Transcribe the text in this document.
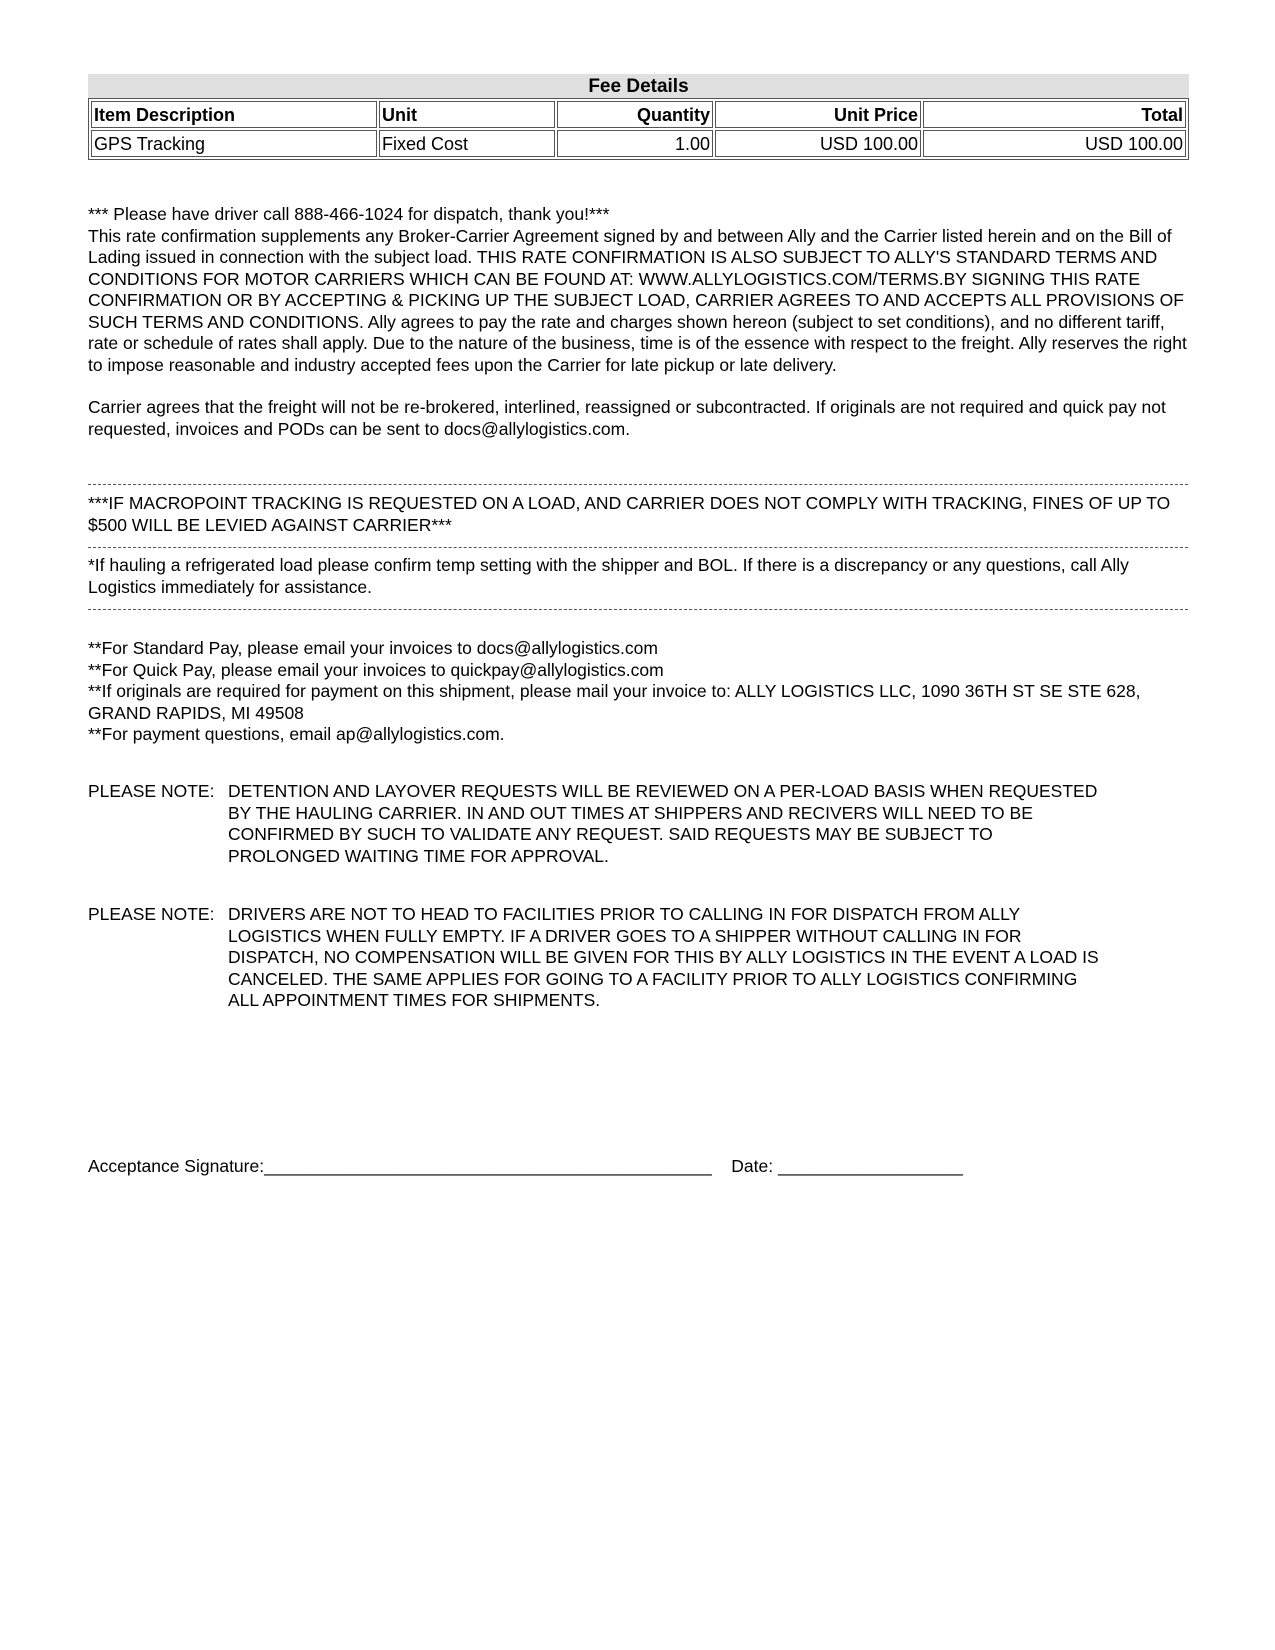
Fee Details
Item Description	Unit	Quantity	Unit Price	Total
GPS Tracking	Fixed Cost	1.00	USD 100.00	USD 100.00

*** Please have driver call 888-466-1024 for dispatch, thank you!***

This rate confirmation supplements any Broker-Carrier Agreement signed by and between Ally and the Carrier listed herein and on the Bill of Lading issued in connection with the subject load. THIS RATE CONFIRMATION IS ALSO SUBJECT TO ALLY'S STANDARD TERMS AND CONDITIONS FOR MOTOR CARRIERS WHICH CAN BE FOUND AT: WWW.ALLYLOGISTICS.COM/TERMS.BY SIGNING THIS RATE CONFIRMATION OR BY ACCEPTING & PICKING UP THE SUBJECT LOAD, CARRIER AGREES TO AND ACCEPTS ALL PROVISIONS OF SUCH TERMS AND CONDITIONS. Ally agrees to pay the rate and charges shown hereon (subject to set conditions), and no different tariff, rate or schedule of rates shall apply. Due to the nature of the business, time is of the essence with respect to the freight. Ally reserves the right to impose reasonable and industry accepted fees upon the Carrier for late pickup or late delivery.

Carrier agrees that the freight will not be re-brokered, interlined, reassigned or subcontracted. If originals are not required and quick pay not requested, invoices and PODs can be sent to docs@allylogistics.com.

***IF MACROPOINT TRACKING IS REQUESTED ON A LOAD, AND CARRIER DOES NOT COMPLY WITH TRACKING, FINES OF UP TO $500 WILL BE LEVIED AGAINST CARRIER***
*If hauling a refrigerated load please confirm temp setting with the shipper and BOL. If there is a discrepancy or any questions, call Ally Logistics immediately for assistance.

**For Standard Pay, please email your invoices to docs@allylogistics.com

**For Quick Pay, please email your invoices to quickpay@allylogistics.com

**If originals are required for payment on this shipment, please mail your invoice to: ALLY LOGISTICS LLC, 1090 36TH ST SE STE 628, GRAND RAPIDS, MI 49508

**For payment questions, email ap@allylogistics.com.

PLEASE NOTE: DETENTION AND LAYOVER REQUESTS WILL BE REVIEWED ON A PER-LOAD BASIS WHEN REQUESTED BY THE HAULING CARRIER. IN AND OUT TIMES AT SHIPPERS AND RECIVERS WILL NEED TO BE CONFIRMED BY SUCH TO VALIDATE ANY REQUEST. SAID REQUESTS MAY BE SUBJECT TO PROLONGED WAITING TIME FOR APPROVAL.
PLEASE NOTE: DRIVERS ARE NOT TO HEAD TO FACILITIES PRIOR TO CALLING IN FOR DISPATCH FROM ALLY LOGISTICS WHEN FULLY EMPTY. IF A DRIVER GOES TO A SHIPPER WITHOUT CALLING IN FOR DISPATCH, NO COMPENSATION WILL BE GIVEN FOR THIS BY ALLY LOGISTICS IN THE EVENT A LOAD IS CANCELED. THE SAME APPLIES FOR GOING TO A FACILITY PRIOR TO ALLY LOGISTICS CONFIRMING ALL APPOINTMENT TIMES FOR SHIPMENTS.
Acceptance Signature:______________________________________________ Date: ___________________
